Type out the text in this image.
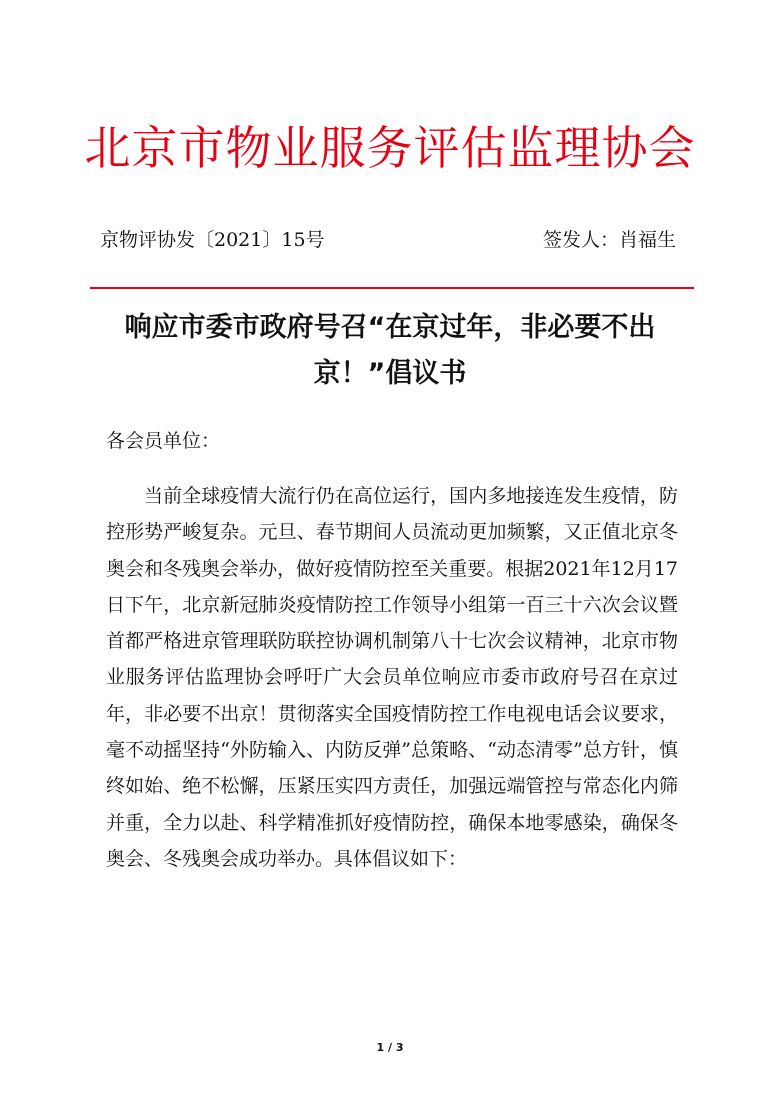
北京市物业服务评估监理协会
京物评协发〔2021〕15号	签发人：肖福生
响应市委市政府号召“在京过年，非必要不出京！”倡议书
各会员单位：

当前全球疫情大流行仍在高位运行，国内多地接连发生疫情，防控形势严峻复杂。元旦、春节期间人员流动更加频繁，又正值北京冬奥会和冬残奥会举办，做好疫情防控至关重要。根据2021年12月17日下午，北京新冠肺炎疫情防控工作领导小组第一百三十六次会议暨首都严格进京管理联防联控协调机制第八十七次会议精神，北京市物业服务评估监理协会呼吁广大会员单位响应市委市政府号召在京过年，非必要不出京！贯彻落实全国疫情防控工作电视电话会议要求，毫不动摇坚持“外防输入、内防反弹”总策略、“动态清零”总方针，慎终如始、绝不松懈，压紧压实四方责任，加强远端管控与常态化内筛并重，全力以赴、科学精准抓好疫情防控，确保本地零感染，确保冬奥会、冬残奥会成功举办。具体倡议如下：

1 / 3
